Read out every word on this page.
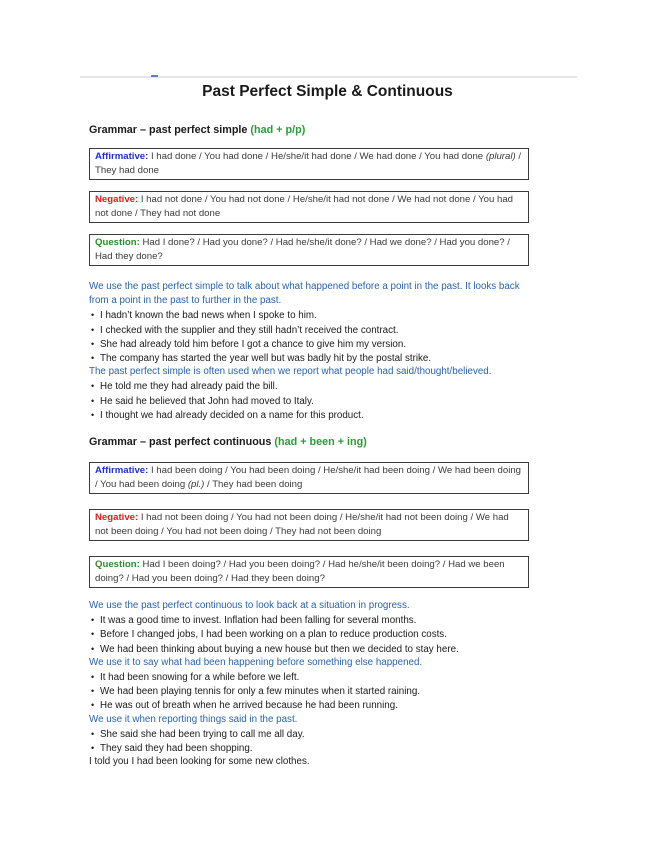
Past Perfect Simple & Continuous
Grammar – past perfect simple (had + p/p)
Affirmative: I had done / You had done / He/she/it had done / We had done / You had done (plural) / They had done
Negative: I had not done / You had not done / He/she/it had not done / We had not done / You had not done / They had not done
Question: Had I done? / Had you done? / Had he/she/it done? / Had we done? / Had you done? / Had they done?
We use the past perfect simple to talk about what happened before a point in the past. It looks back
from a point in the past to further in the past.
• I hadn’t known the bad news when I spoke to him.
• I checked with the supplier and they still hadn’t received the contract.
• She had already told him before I got a chance to give him my version.
• The company has started the year well but was badly hit by the postal strike.
The past perfect simple is often used when we report what people had said/thought/believed.
• He told me they had already paid the bill.
• He said he believed that John had moved to Italy.
• I thought we had already decided on a name for this product.
Grammar – past perfect continuous (had + been + ing)
Affirmative: I had been doing / You had been doing / He/she/it had been doing / We had been doing / You had been doing (pl.) / They had been doing
Negative: I had not been doing / You had not been doing / He/she/it had not been doing / We had not been doing / You had not been doing / They had not been doing
Question: Had I been doing? / Had you been doing? / Had he/she/it been doing? / Had we been doing? / Had you been doing? / Had they been doing?
We use the past perfect continuous to look back at a situation in progress.
• It was a good time to invest. Inflation had been falling for several months.
• Before I changed jobs, I had been working on a plan to reduce production costs.
• We had been thinking about buying a new house but then we decided to stay here.
We use it to say what had been happening before something else happened.
• It had been snowing for a while before we left.
• We had been playing tennis for only a few minutes when it started raining.
• He was out of breath when he arrived because he had been running.
We use it when reporting things said in the past.
• She said she had been trying to call me all day.
• They said they had been shopping.
I told you I had been looking for some new clothes.
